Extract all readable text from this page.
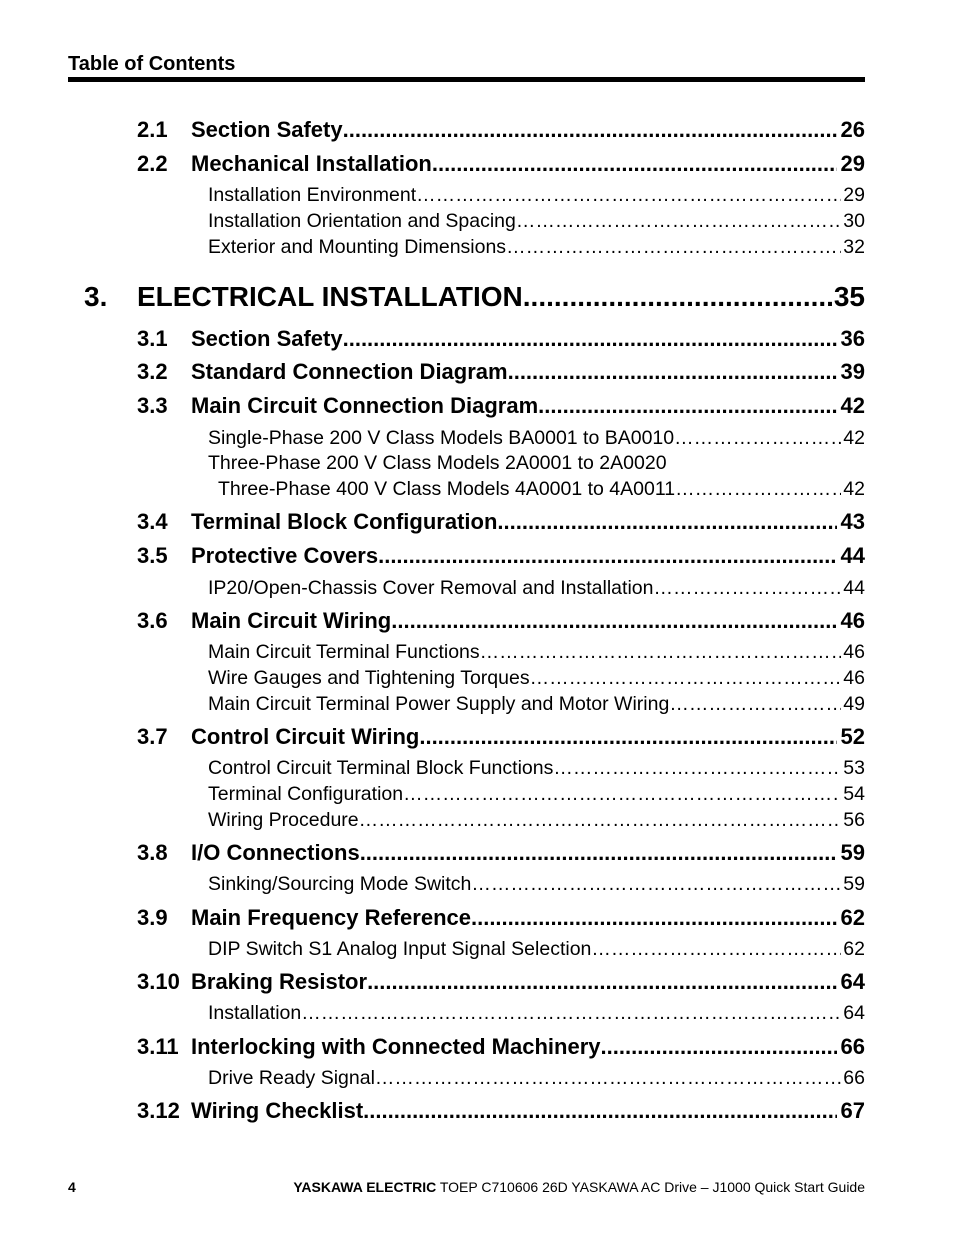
Table of Contents
2.1 Section Safety .....	26
2.2 Mechanical Installation .....	29
Installation Environment …………………………………………………………………………………………………………………	29
Installation Orientation and Spacing …………………………………………………………………………………………………………………	30
Exterior and Mounting Dimensions …………………………………………………………………………………………………………………	32
3. ELECTRICAL INSTALLATION .....	35
3.1 Section Safety .....	36
3.2 Standard Connection Diagram .....	39
3.3 Main Circuit Connection Diagram .....	42
Single-Phase 200 V Class Models BA0001 to BA0010 …………………………………………………………………………………………………………………	42
Three-Phase 200 V Class Models 2A0001 to 2A0020
Three-Phase 400 V Class Models 4A0001 to 4A0011 …………………………………………………………………………………………………………………	42
3.4 Terminal Block Configuration .....	43
3.5 Protective Covers .....	44
IP20/Open-Chassis Cover Removal and Installation …………………………………………………………………………………………………………………	44
3.6 Main Circuit Wiring .....	46
Main Circuit Terminal Functions …………………………………………………………………………………………………………………	46
Wire Gauges and Tightening Torques …………………………………………………………………………………………………………………	46
Main Circuit Terminal Power Supply and Motor Wiring …………………………………………………………………………………………………………………	49
3.7 Control Circuit Wiring .....	52
Control Circuit Terminal Block Functions …………………………………………………………………………………………………………………	53
Terminal Configuration …………………………………………………………………………………………………………………	54
Wiring Procedure …………………………………………………………………………………………………………………	56
3.8 I/O Connections .....	59
Sinking/Sourcing Mode Switch …………………………………………………………………………………………………………………	59
3.9 Main Frequency Reference .....	62
DIP Switch S1 Analog Input Signal Selection …………………………………………………………………………………………………………………	62
3.10 Braking Resistor .....	64
Installation …………………………………………………………………………………………………………………	64
3.11 Interlocking with Connected Machinery .....	66
Drive Ready Signal …………………………………………………………………………………………………………………	66
3.12 Wiring Checklist .....	67
4	YASKAWA ELECTRIC TOEP C710606 26D YASKAWA AC Drive – J1000 Quick Start Guide
